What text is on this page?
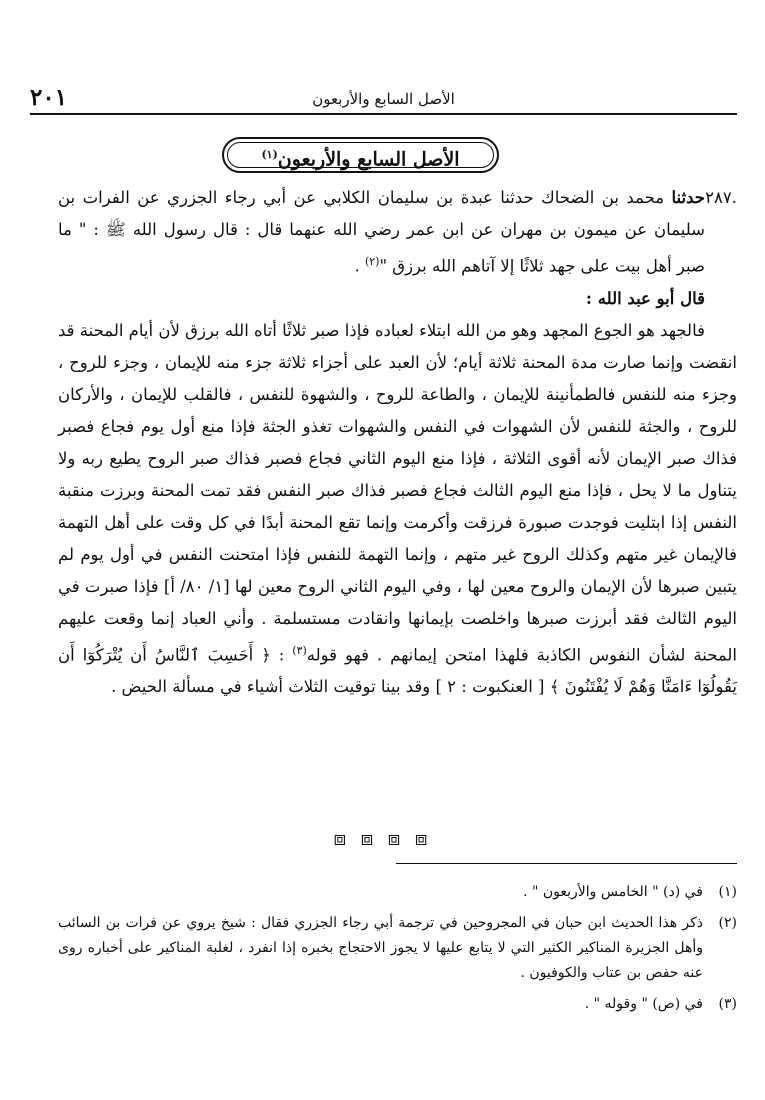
٢٠١	الأصل السابع والأربعون
الأصل السابع والأربعون$^{(١)}$

٢٨٧.حدثنا محمد بن الضحاك حدثنا عبدة بن سليمان الكلابي عن أبي رجاء الجزري عن الفرات بن سليمان عن ميمون بن مهران عن ابن عمر رضي الله عنهما قال : قال رسول الله ﷺ : " ما صبر أهل بيت على جهد ثلاثًا إلا آتاهم الله برزق "$^{(٢)}$ .

قال أبو عبد الله :

فالجهد هو الجوع المجهد وهو من الله ابتلاء لعباده فإذا صبر ثلاثًا أتاه الله برزق لأن أيام المحنة قد انقضت وإنما صارت مدة المحنة ثلاثة أيام؛ لأن العبد على أجزاء ثلاثة جزء منه للإيمان ، وجزء للروح ، وجزء منه للنفس فالطمأنينة للإيمان ، والطاعة للروح ، والشهوة للنفس ، فالقلب للإيمان ، والأركان للروح ، والجثة للنفس لأن الشهوات في النفس والشهوات تغذو الجثة فإذا منع أول يوم فجاع فصبر فذاك صبر الإيمان لأنه أقوى الثلاثة ، فإذا منع اليوم الثاني فجاع فصبر فذاك صبر الروح يطيع ربه ولا يتناول ما لا يحل ، فإذا منع اليوم الثالث فجاع فصبر فذاك صبر النفس فقد تمت المحنة وبرزت منقبة النفس إذا ابتليت فوجدت صبورة فرزقت وأكرمت وإنما تقع المحنة أبدًا في كل وقت على أهل التهمة فالإيمان غير متهم وكذلك الروح غير متهم ، وإنما التهمة للنفس فإذا امتحنت النفس في أول يوم لم يتبين صبرها لأن الإيمان والروح معين لها ، وفي اليوم الثاني الروح معين لها [١/ ٨٠/ أ] فإذا صبرت في اليوم الثالث فقد أبرزت صبرها واخلصت بإيمانها وانقادت مستسلمة . وأني العباد إنما وقعت عليهم المحنة لشأن النفوس الكاذبة فلهذا امتحن إيمانهم . فهو قوله$^{(٣)}$ : ﴿ أَحَسِبَ ٱلنَّاسُ أَن يُتْرَكُوٓا أَن يَقُولُوٓا ءَامَنَّا وَهُمْ لَا يُفْتَنُونَ ﴾ [ العنكبوت : ٢ ] وقد بينا توقيت الثلاث أشياء في مسألة الحيض .

⧈ ⧈ ⧈ ⧈
(١)
في (د) " الخامس والأربعون " .
(٢)
ذكر هذا الحديث ابن حبان في المجروحين في ترجمة أبي رجاء الجزري فقال : شيخ يروي عن فرات بن السائب وأهل الجزيرة المناكير الكثير التي لا يتابع عليها لا يجوز الاحتجاج بخبره إذا انفرد ، لغلبة المناكير على أخباره روى عنه حفص بن عتاب والكوفيون .
(٣)
في (ص) " وقوله " .
